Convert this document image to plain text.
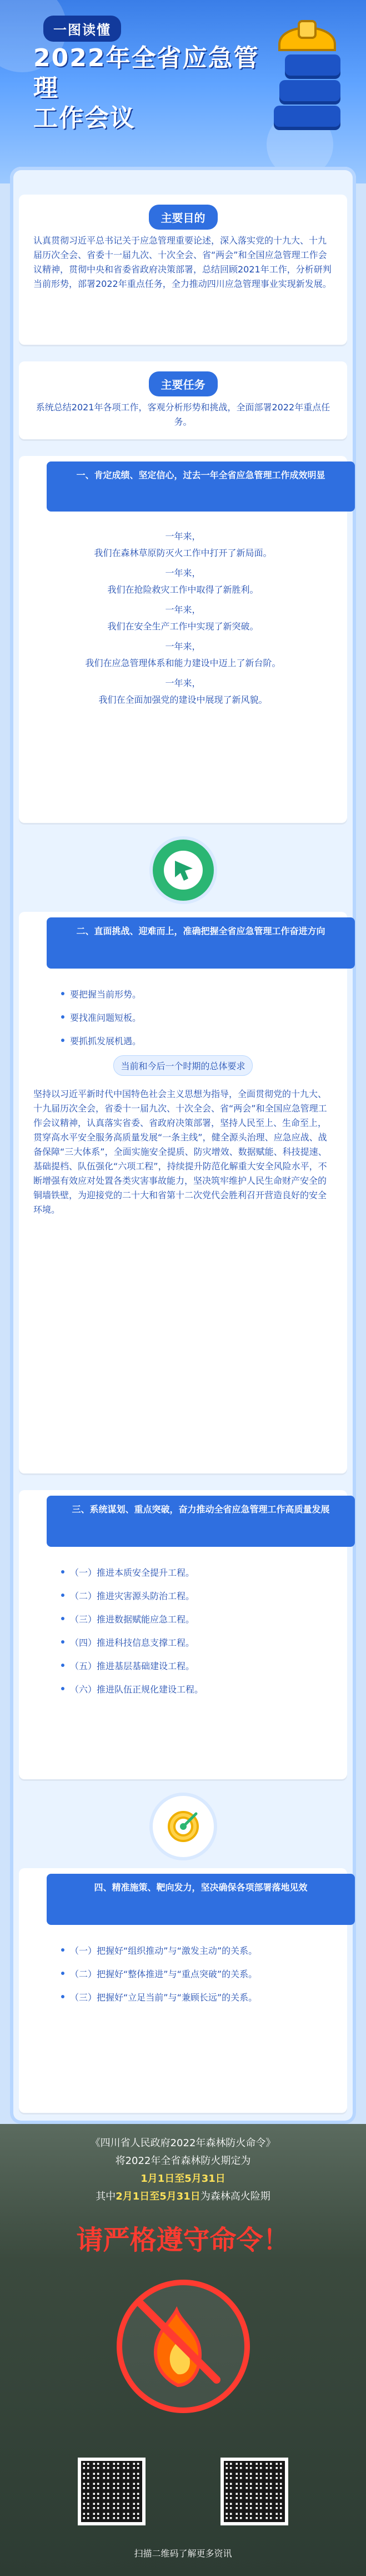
一图读懂
2022年全省应急管理
工作会议
主要目的
认真贯彻习近平总书记关于应急管理重要论述，深入落实党的十九大、十九届历次全会、省委十一届九次、十次全会、省“两会”和全国应急管理工作会议精神，贯彻中央和省委省政府决策部署，总结回顾2021年工作，分析研判当前形势，部署2022年重点任务，全力推动四川应急管理事业实现新发展。
主要任务
系统总结2021年各项工作，客观分析形势和挑战，全面部署2022年重点任务。
一、肯定成绩、坚定信心，过去一年全省应急管理工作成效明显
一年来，
我们在森林草原防灭火工作中打开了新局面。
一年来，
我们在抢险救灾工作中取得了新胜利。
一年来，
我们在安全生产工作中实现了新突破。
一年来，
我们在应急管理体系和能力建设中迈上了新台阶。
一年来，
我们在全面加强党的建设中展现了新风貌。
二、直面挑战、迎难而上，准确把握全省应急管理工作奋进方向
要把握当前形势。
要找准问题短板。
要抓抓发展机遇。
当前和今后一个时期的总体要求
坚持以习近平新时代中国特色社会主义思想为指导，全面贯彻党的十九大、十九届历次全会，省委十一届九次、十次全会、省“两会”和全国应急管理工作会议精神，认真落实省委、省政府决策部署，坚持人民至上、生命至上，贯穿高水平安全服务高质量发展“一条主线”，健全源头治理、应急应战、战备保障“三大体系”，全面实施安全提质、防灾增效、数据赋能、科技提速、基础提档、队伍强化“六项工程”，持续提升防范化解重大安全风险水平，不断增强有效应对处置各类灾害事故能力，坚决筑牢维护人民生命财产安全的铜墙铁壁，为迎接党的二十大和省第十二次党代会胜利召开营造良好的安全环境。
三、系统谋划、重点突破，奋力推动全省应急管理工作高质量发展
（一）推进本质安全提升工程。
（二）推进灾害源头防治工程。
（三）推进数据赋能应急工程。
（四）推进科技信息支撑工程。
（五）推进基层基础建设工程。
（六）推进队伍正规化建设工程。
四、精准施策、靶向发力，坚决确保各项部署落地见效
（一）把握好“组织推动”与“激发主动”的关系。
（二）把握好“整体推进”与“重点突破”的关系。
（三）把握好“立足当前”与“兼顾长远”的关系。
《四川省人民政府2022年森林防火命令》
将2022年全省森林防火期定为
1月1日至5月31日
其中2月1日至5月31日为森林高火险期
请严格遵守命令！
扫描二维码了解更多资讯
